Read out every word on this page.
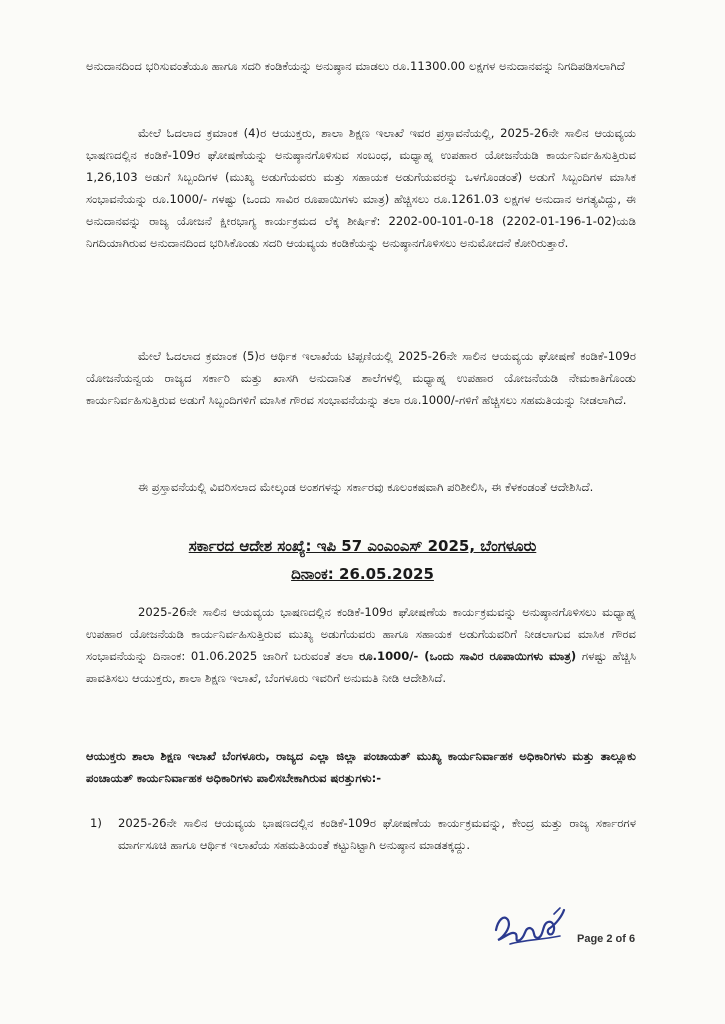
ಅನುದಾನದಿಂದ ಭರಿಸುವಂತೆಯೂ ಹಾಗೂ ಸದರಿ ಕಂಡಿಕೆಯನ್ನು ಅನುಷ್ಠಾನ ಮಾಡಲು ರೂ.11300.00 ಲಕ್ಷಗಳ ಅನುದಾನವನ್ನು ನಿಗದಿಪಡಿಸಲಾಗಿದೆ

ಮೇಲೆ ಓದಲಾದ ಕ್ರಮಾಂಕ (4)ರ ಆಯುಕ್ತರು, ಶಾಲಾ ಶಿಕ್ಷಣ ಇಲಾಖೆ ಇವರ ಪ್ರಸ್ತಾವನೆಯಲ್ಲಿ, 2025-26ನೇ ಸಾಲಿನ ಆಯವ್ಯಯ ಭಾಷಣದಲ್ಲಿನ ಕಂಡಿಕೆ-109ರ ಘೋಷಣೆಯನ್ನು ಅನುಷ್ಠಾನಗೊಳಿಸುವ ಸಂಬಂಧ, ಮಧ್ಯಾಹ್ನ ಉಪಹಾರ ಯೋಜನೆಯಡಿ ಕಾರ್ಯನಿರ್ವಹಿಸುತ್ತಿರುವ 1,26,103 ಅಡುಗೆ ಸಿಬ್ಬಂದಿಗಳ (ಮುಖ್ಯ ಅಡುಗೆಯವರು ಮತ್ತು ಸಹಾಯಕ ಅಡುಗೆಯವರನ್ನು ಒಳಗೊಂಡಂತೆ) ಅಡುಗೆ ಸಿಬ್ಬಂದಿಗಳ ಮಾಸಿಕ ಸಂಭಾವನೆಯನ್ನು ರೂ.1000/- ಗಳಷ್ಟು (ಒಂದು ಸಾವಿರ ರೂಪಾಯಿಗಳು ಮಾತ್ರ) ಹೆಚ್ಚಿಸಲು ರೂ.1261.03 ಲಕ್ಷಗಳ ಅನುದಾನ ಅಗತ್ಯವಿದ್ದು, ಈ ಅನುದಾನವನ್ನು ರಾಜ್ಯ ಯೋಜನೆ ಕ್ಷೀರಭಾಗ್ಯ ಕಾರ್ಯಕ್ರಮದ ಲೆಕ್ಕ ಶೀರ್ಷಿಕೆ: 2202-00-101-0-18 (2202-01-196-1-02)ಯಡಿ ನಿಗದಿಯಾಗಿರುವ ಅನುದಾನದಿಂದ ಭರಿಸಿಕೊಂಡು ಸದರಿ ಆಯವ್ಯಯ ಕಂಡಿಕೆಯನ್ನು ಅನುಷ್ಠಾನಗೊಳಿಸಲು ಅನುಮೋದನೆ ಕೋರಿರುತ್ತಾರೆ.

ಮೇಲೆ ಓದಲಾದ ಕ್ರಮಾಂಕ (5)ರ ಆರ್ಥಿಕ ಇಲಾಖೆಯ ಟಿಪ್ಪಣಿಯಲ್ಲಿ 2025-26ನೇ ಸಾಲಿನ ಆಯವ್ಯಯ ಘೋಷಣೆ ಕಂಡಿಕೆ-109ರ ಯೋಜನೆಯನ್ವಯ ರಾಜ್ಯದ ಸರ್ಕಾರಿ ಮತ್ತು ಖಾಸಗಿ ಅನುದಾನಿತ ಶಾಲೆಗಳಲ್ಲಿ ಮಧ್ಯಾಹ್ನ ಉಪಹಾರ ಯೋಜನೆಯಡಿ ನೇಮಕಾತಿಗೊಂಡು ಕಾರ್ಯನಿರ್ವಹಿಸುತ್ತಿರುವ ಅಡುಗೆ ಸಿಬ್ಬಂದಿಗಳಿಗೆ ಮಾಸಿಕ ಗೌರವ ಸಂಭಾವನೆಯನ್ನು ತಲಾ ರೂ.1000/-ಗಳಿಗೆ ಹೆಚ್ಚಿಸಲು ಸಹಮತಿಯನ್ನು ನೀಡಲಾಗಿದೆ.

ಈ ಪ್ರಸ್ತಾವನೆಯಲ್ಲಿ ವಿವರಿಸಲಾದ ಮೇಲ್ಕಂಡ ಅಂಶಗಳನ್ನು ಸರ್ಕಾರವು ಕೂಲಂಕಷವಾಗಿ ಪರಿಶೀಲಿಸಿ, ಈ ಕೆಳಕಂಡಂತೆ ಆದೇಶಿಸಿದೆ.

ಸರ್ಕಾರದ ಆದೇಶ ಸಂಖ್ಯೆ: ಇಪಿ 57 ಎಂಎಂಎಸ್ 2025, ಬೆಂಗಳೂರು
ದಿನಾಂಕ: 26.05.2025

2025-26ನೇ ಸಾಲಿನ ಆಯವ್ಯಯ ಭಾಷಣದಲ್ಲಿನ ಕಂಡಿಕೆ-109ರ ಘೋಷಣೆಯ ಕಾರ್ಯಕ್ರಮವನ್ನು ಅನುಷ್ಠಾನಗೊಳಿಸಲು ಮಧ್ಯಾಹ್ನ ಉಪಹಾರ ಯೋಜನೆಯಡಿ ಕಾರ್ಯನಿರ್ವಹಿಸುತ್ತಿರುವ ಮುಖ್ಯ ಅಡುಗೆಯವರು ಹಾಗೂ ಸಹಾಯಕ ಅಡುಗೆಯವರಿಗೆ ನೀಡಲಾಗುವ ಮಾಸಿಕ ಗೌರವ ಸಂಭಾವನೆಯನ್ನು ದಿನಾಂಕ: 01.06.2025 ಜಾರಿಗೆ ಬರುವಂತೆ ತಲಾ ರೂ.1000/- (ಒಂದು ಸಾವಿರ ರೂಪಾಯಿಗಳು ಮಾತ್ರ) ಗಳಷ್ಟು ಹೆಚ್ಚಿಸಿ ಪಾವತಿಸಲು ಆಯುಕ್ತರು, ಶಾಲಾ ಶಿಕ್ಷಣ ಇಲಾಖೆ, ಬೆಂಗಳೂರು ಇವರಿಗೆ ಅನುಮತಿ ನೀಡಿ ಆದೇಶಿಸಿದೆ.

ಆಯುಕ್ತರು ಶಾಲಾ ಶಿಕ್ಷಣ ಇಲಾಖೆ ಬೆಂಗಳೂರು, ರಾಜ್ಯದ ಎಲ್ಲಾ ಜಿಲ್ಲಾ ಪಂಚಾಯತ್ ಮುಖ್ಯ ಕಾರ್ಯನಿರ್ವಾಹಕ ಅಧಿಕಾರಿಗಳು ಮತ್ತು ತಾಲ್ಲೂಕು ಪಂಚಾಯತ್ ಕಾರ್ಯನಿರ್ವಾಹಕ ಅಧಿಕಾರಿಗಳು ಪಾಲಿಸಬೇಕಾಗಿರುವ ಷರತ್ತುಗಳು:-
1) 2025-26ನೇ ಸಾಲಿನ ಆಯವ್ಯಯ ಭಾಷಣದಲ್ಲಿನ ಕಂಡಿಕೆ-109ರ ಘೋಷಣೆಯ ಕಾರ್ಯಕ್ರಮವನ್ನು, ಕೇಂದ್ರ ಮತ್ತು ರಾಜ್ಯ ಸರ್ಕಾರಗಳ ಮಾರ್ಗಸೂಚಿ ಹಾಗೂ ಆರ್ಥಿಕ ಇಲಾಖೆಯ ಸಹಮತಿಯಂತೆ ಕಟ್ಟುನಿಟ್ಟಾಗಿ ಅನುಷ್ಠಾನ ಮಾಡತಕ್ಕದ್ದು.
Page 2 of 6
